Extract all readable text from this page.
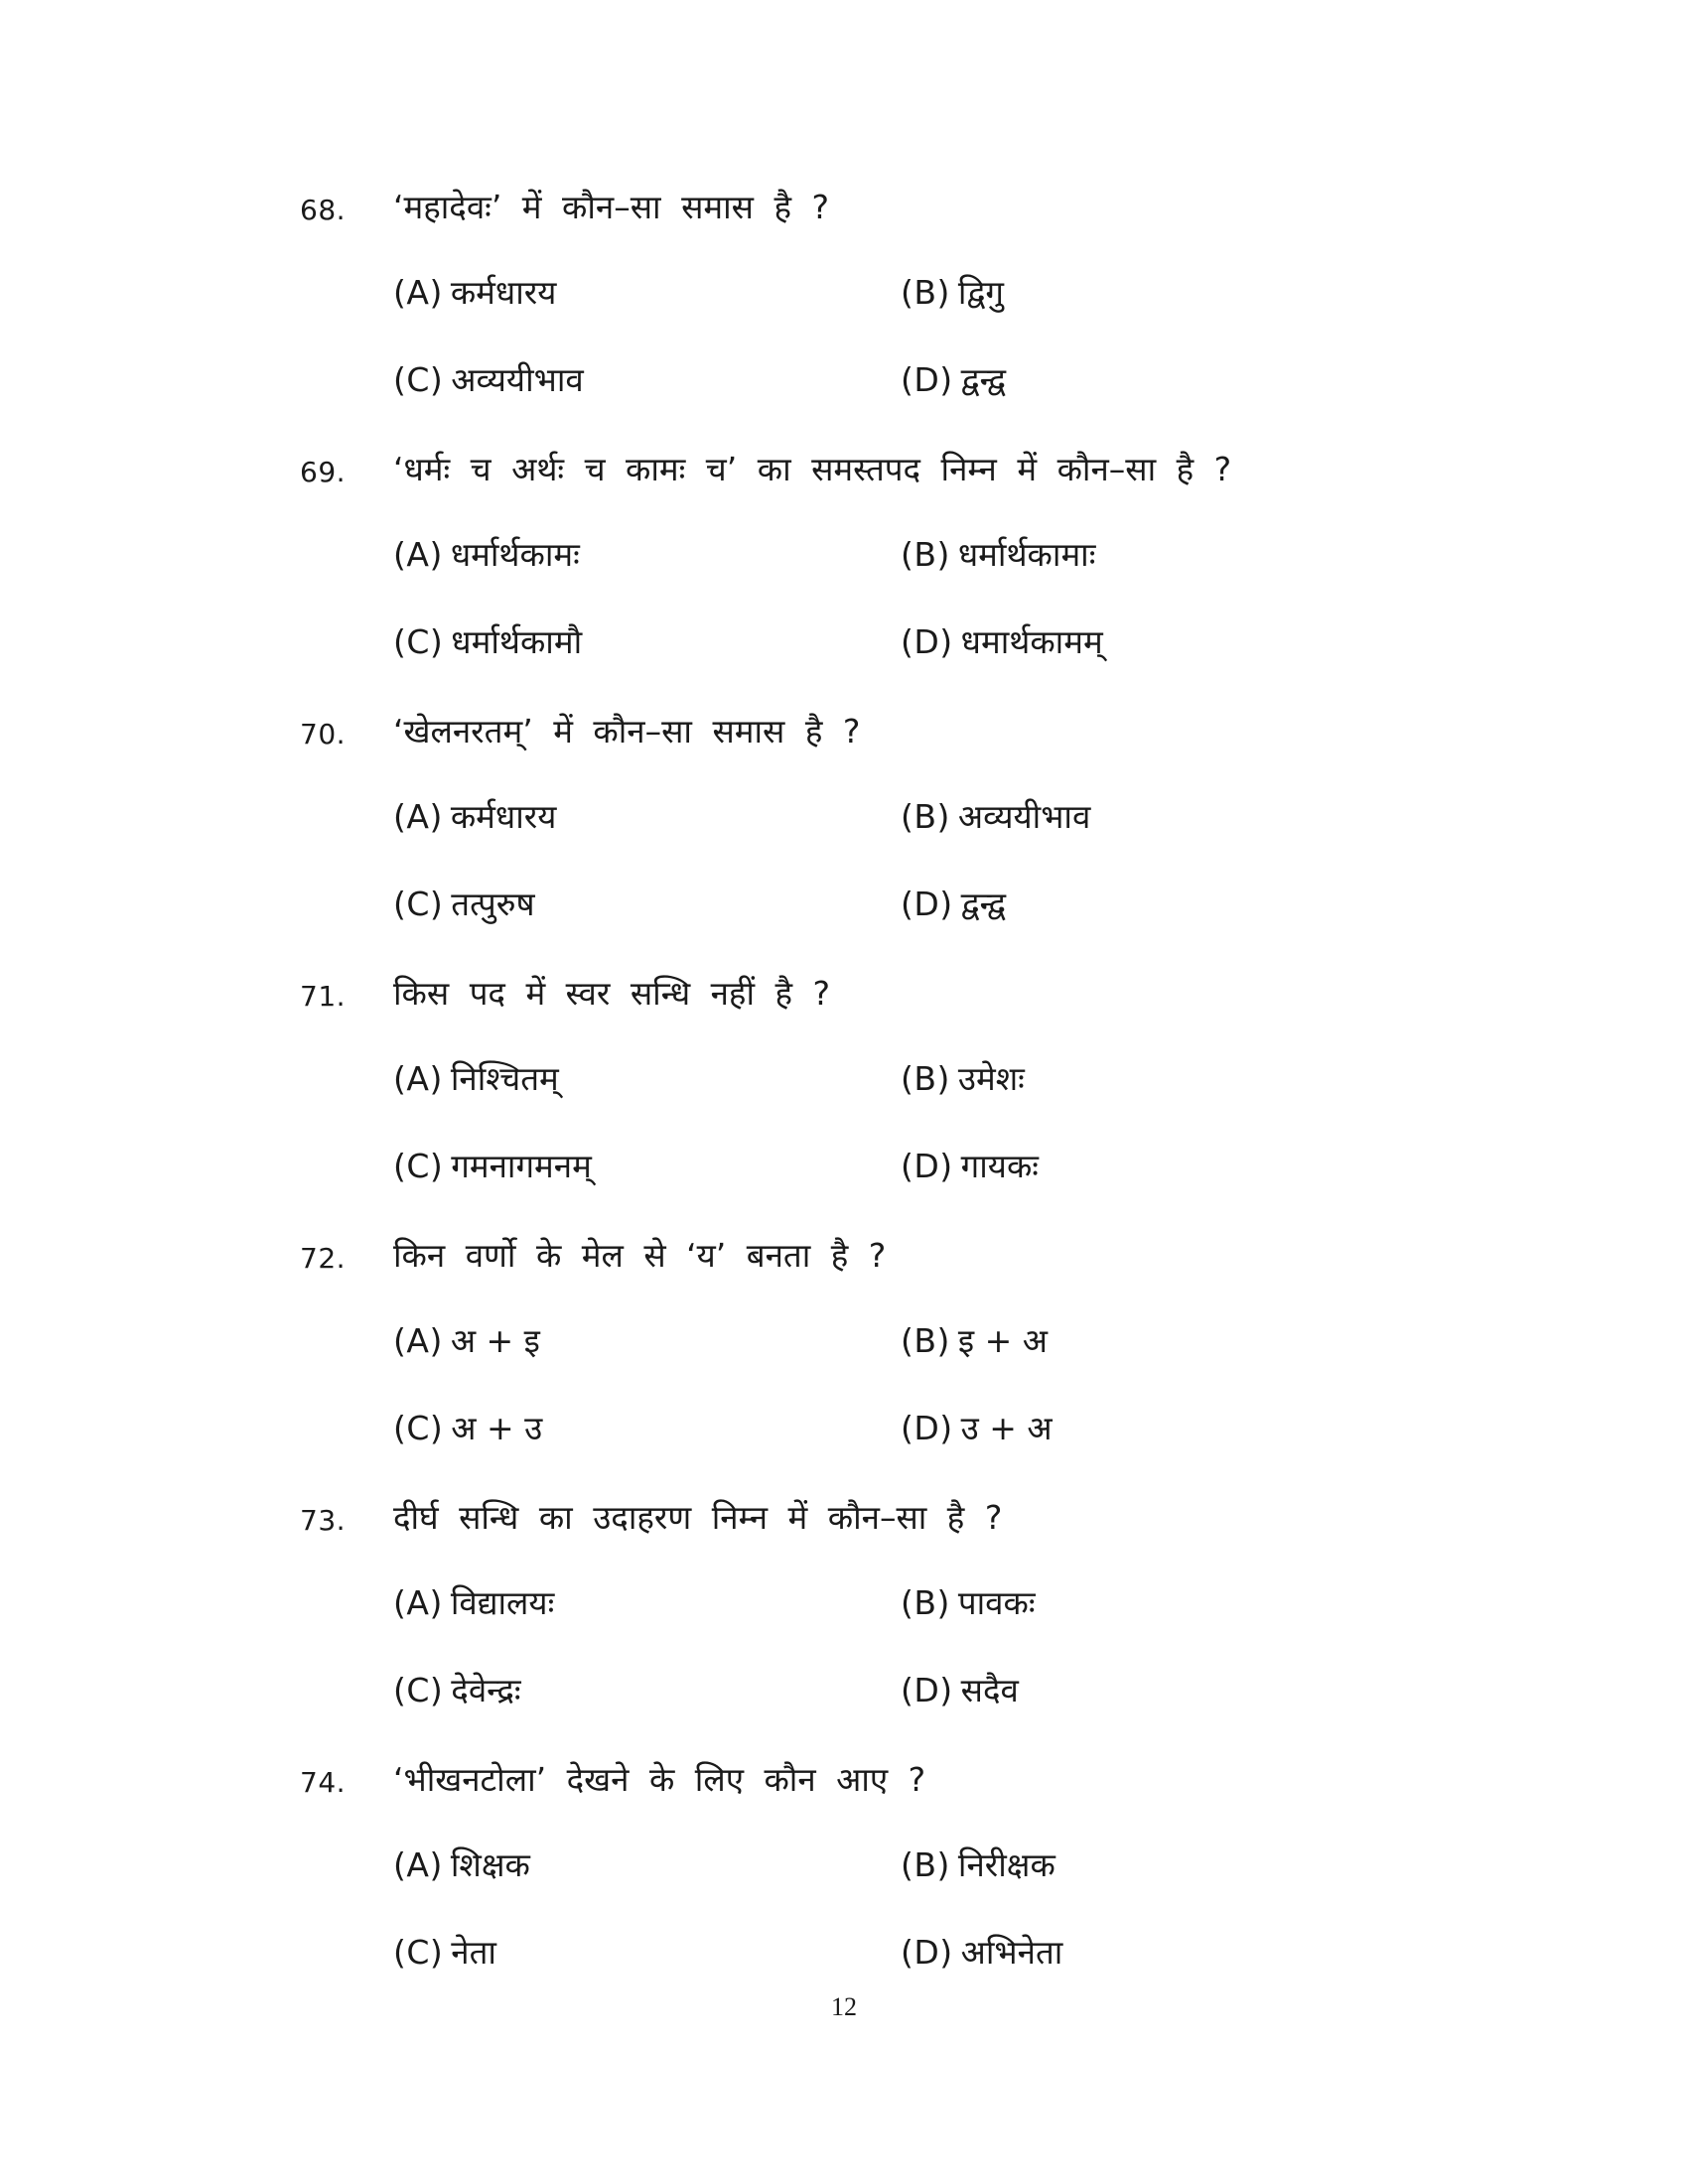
68. ‘महादेवः’ में कौन–सा समास है ?
(A) कर्मधारय	(B) द्विगु
(C) अव्ययीभाव	(D) द्वन्द्व
69. ‘धर्मः च अर्थः च कामः च’ का समस्तपद निम्न में कौन–सा है ?
(A) धर्मार्थकामः	(B) धर्मार्थकामाः
(C) धर्मार्थकामौ	(D) धमार्थकामम्
70. ‘खेलनरतम्’ में कौन–सा समास है ?
(A) कर्मधारय	(B) अव्ययीभाव
(C) तत्पुरुष	(D) द्वन्द्व
71. किस पद में स्वर सन्धि नहीं है ?
(A) निश्चितम्	(B) उमेशः
(C) गमनागमनम्	(D) गायकः
72. किन वर्णो के मेल से ‘य’ बनता है ?
(A) अ + इ	(B) इ + अ
(C) अ + उ	(D) उ + अ
73. दीर्घ सन्धि का उदाहरण निम्न में कौन–सा है ?
(A) विद्यालयः	(B) पावकः
(C) देवेन्द्रः	(D) सदैव
74. ‘भीखनटोला’ देखने के लिए कौन आए ?
(A) शिक्षक	(B) निरीक्षक
(C) नेता	(D) अभिनेता
12
